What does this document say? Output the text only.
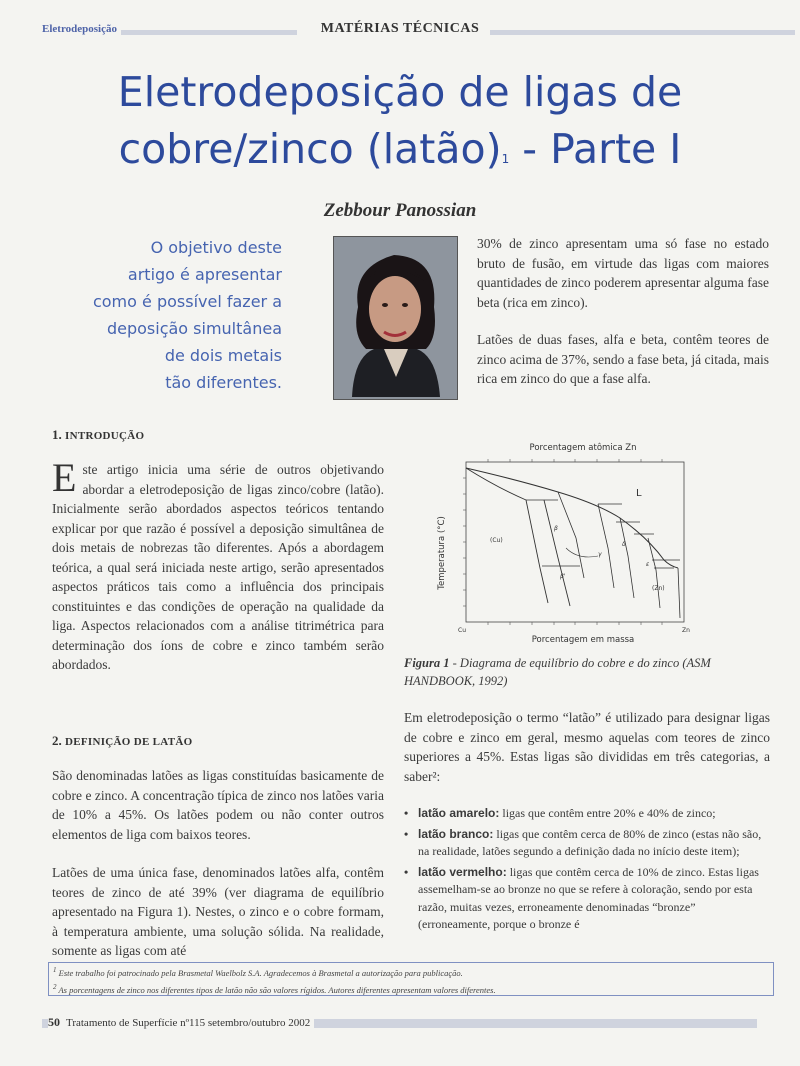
Eletrodeposição	MATÉRIAS TÉCNICAS
Eletrodeposição de ligas de
cobre/zinco (latão)$^1$ - Parte I
Zebbour Panossian
O objetivo deste
artigo é apresentar
como é possível fazer a
deposição simultânea
de dois metais
tão diferentes.

30% de zinco apresentam uma só fase no estado bruto de fusão, em virtude das ligas com maiores quantidades de zinco poderem apresentar alguma fase beta (rica em zinco).

Latões de duas fases, alfa e beta, contêm teores de zinco acima de 37%, sendo a fase beta, já citada, mais rica em zinco do que a fase alfa.

1. INTRODUÇÃO
Este artigo inicia uma série de outros objetivando abordar a eletrodeposição de ligas zinco/cobre (latão). Inicialmente serão abordados aspectos teóricos tentando explicar por que razão é possível a deposição simultânea de dois metais de nobrezas tão diferentes. Após a abordagem teórica, a qual será iniciada neste artigo, serão apresentados aspectos práticos tais como a influência dos principais constituintes e das condições de operação na qualidade da liga. Aspectos relacionados com a análise titrimétrica para determinação dos íons de cobre e zinco também serão abordados.
2. DEFINIÇÃO DE LATÃO
São denominadas latões as ligas constituídas basicamente de cobre e zinco. A concentração típica de zinco nos latões varia de 10% a 45%. Os latões podem ou não conter outros elementos de liga com baixos teores.
Latões de uma única fase, denominados latões alfa, contêm teores de zinco de até 39% (ver diagrama de equilíbrio apresentado na Figura 1). Nestes, o zinco e o cobre formam, à temperatura ambiente, uma solução sólida. Na realidade, somente as ligas com até
Porcentagem atômica Zn
Porcentagem em massa
Temperatura (°C)
L
(Cu)
(Zn)
Cu	Zn
β
γ
δ
ε
β'
Figura 1 - Diagrama de equilíbrio do cobre e do zinco (ASM HANDBOOK, 1992)
Em eletrodeposição o termo “latão” é utilizado para designar ligas de cobre e zinco em geral, mesmo aquelas com teores de zinco superiores a 45%. Estas ligas são divididas em três categorias, a saber²:
• latão amarelo: ligas que contêm entre 20% e 40% de zinco;
• latão branco: ligas que contêm cerca de 80% de zinco (estas não são, na realidade, latões segundo a definição dada no início deste item);
• latão vermelho: ligas que contêm cerca de 10% de zinco. Estas ligas assemelham-se ao bronze no que se refere à coloração, sendo por esta razão, muitas vezes, erroneamente denominadas “bronze” (erroneamente, porque o bronze é
$^1$ Este trabalho foi patrocinado pela Brasmetal Waelbolz S.A. Agradecemos à Brasmetal a autorização para publicação.
$^2$ As porcentagens de zinco nos diferentes tipos de latão não são valores rígidos. Autores diferentes apresentam valores diferentes.
50 Tratamento de Superfície nº115 setembro/outubro 2002
